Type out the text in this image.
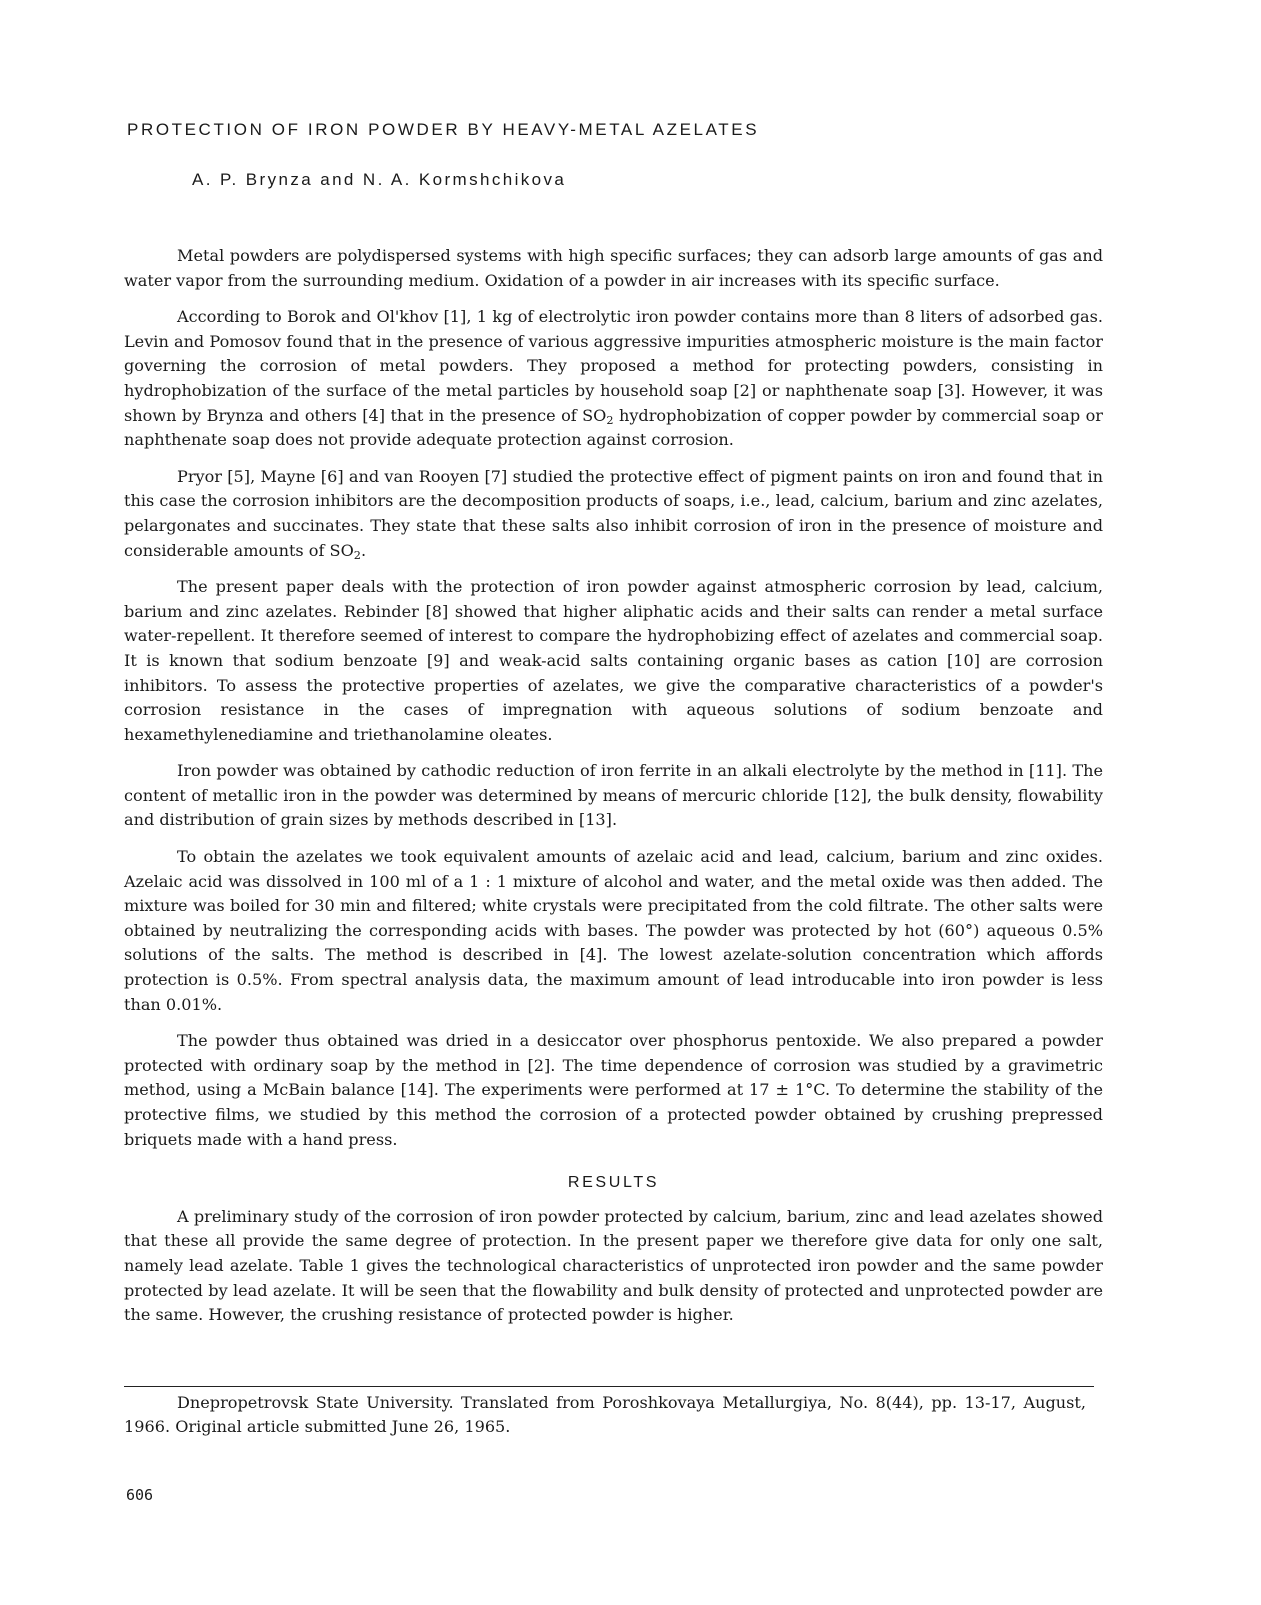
PROTECTION OF IRON POWDER BY HEAVY-METAL AZELATES
A. P. Brynza and N. A. Kormshchikova

Metal powders are polydispersed systems with high specific surfaces; they can adsorb large amounts of gas and water vapor from the surrounding medium. Oxidation of a powder in air increases with its specific surface.

According to Borok and Ol'khov [1], 1 kg of electrolytic iron powder contains more than 8 liters of adsorbed gas. Levin and Pomosov found that in the presence of various aggressive impurities atmospheric moisture is the main factor governing the corrosion of metal powders. They proposed a method for protecting powders, consisting in hydrophobization of the surface of the metal particles by household soap [2] or naphthenate soap [3]. However, it was shown by Brynza and others [4] that in the presence of $SO_2$ hydrophobization of copper powder by commercial soap or naphthenate soap does not provide adequate protection against corrosion.

Pryor [5], Mayne [6] and van Rooyen [7] studied the protective effect of pigment paints on iron and found that in this case the corrosion inhibitors are the decomposition products of soaps, i.e., lead, calcium, barium and zinc azelates, pelargonates and succinates. They state that these salts also inhibit corrosion of iron in the presence of moisture and considerable amounts of $SO_2$.

The present paper deals with the protection of iron powder against atmospheric corrosion by lead, calcium, barium and zinc azelates. Rebinder [8] showed that higher aliphatic acids and their salts can render a metal surface water-repellent. It therefore seemed of interest to compare the hydrophobizing effect of azelates and commercial soap. It is known that sodium benzoate [9] and weak-acid salts containing organic bases as cation [10] are corrosion inhibitors. To assess the protective properties of azelates, we give the comparative characteristics of a powder's corrosion resistance in the cases of impregnation with aqueous solutions of sodium benzoate and hexamethylenediamine and triethanolamine oleates.

Iron powder was obtained by cathodic reduction of iron ferrite in an alkali electrolyte by the method in [11]. The content of metallic iron in the powder was determined by means of mercuric chloride [12], the bulk density, flowability and distribution of grain sizes by methods described in [13].

To obtain the azelates we took equivalent amounts of azelaic acid and lead, calcium, barium and zinc oxides. Azelaic acid was dissolved in 100 ml of a 1 : 1 mixture of alcohol and water, and the metal oxide was then added. The mixture was boiled for 30 min and filtered; white crystals were precipitated from the cold filtrate. The other salts were obtained by neutralizing the corresponding acids with bases. The powder was protected by hot (60°) aqueous 0.5% solutions of the salts. The method is described in [4]. The lowest azelate-solution concentration which affords protection is 0.5%. From spectral analysis data, the maximum amount of lead introducable into iron powder is less than 0.01%.

The powder thus obtained was dried in a desiccator over phosphorus pentoxide. We also prepared a powder protected with ordinary soap by the method in [2]. The time dependence of corrosion was studied by a gravimetric method, using a McBain balance [14]. The experiments were performed at 17 ± 1°C. To determine the stability of the protective films, we studied by this method the corrosion of a protected powder obtained by crushing prepressed briquets made with a hand press.

RESULTS

A preliminary study of the corrosion of iron powder protected by calcium, barium, zinc and lead azelates showed that these all provide the same degree of protection. In the present paper we therefore give data for only one salt, namely lead azelate. Table 1 gives the technological characteristics of unprotected iron powder and the same powder protected by lead azelate. It will be seen that the flowability and bulk density of protected and unprotected powder are the same. However, the crushing resistance of protected powder is higher.

Dnepropetrovsk State University. Translated from Poroshkovaya Metallurgiya, No. 8(44), pp. 13-17, August, 1966. Original article submitted June 26, 1965.
606
